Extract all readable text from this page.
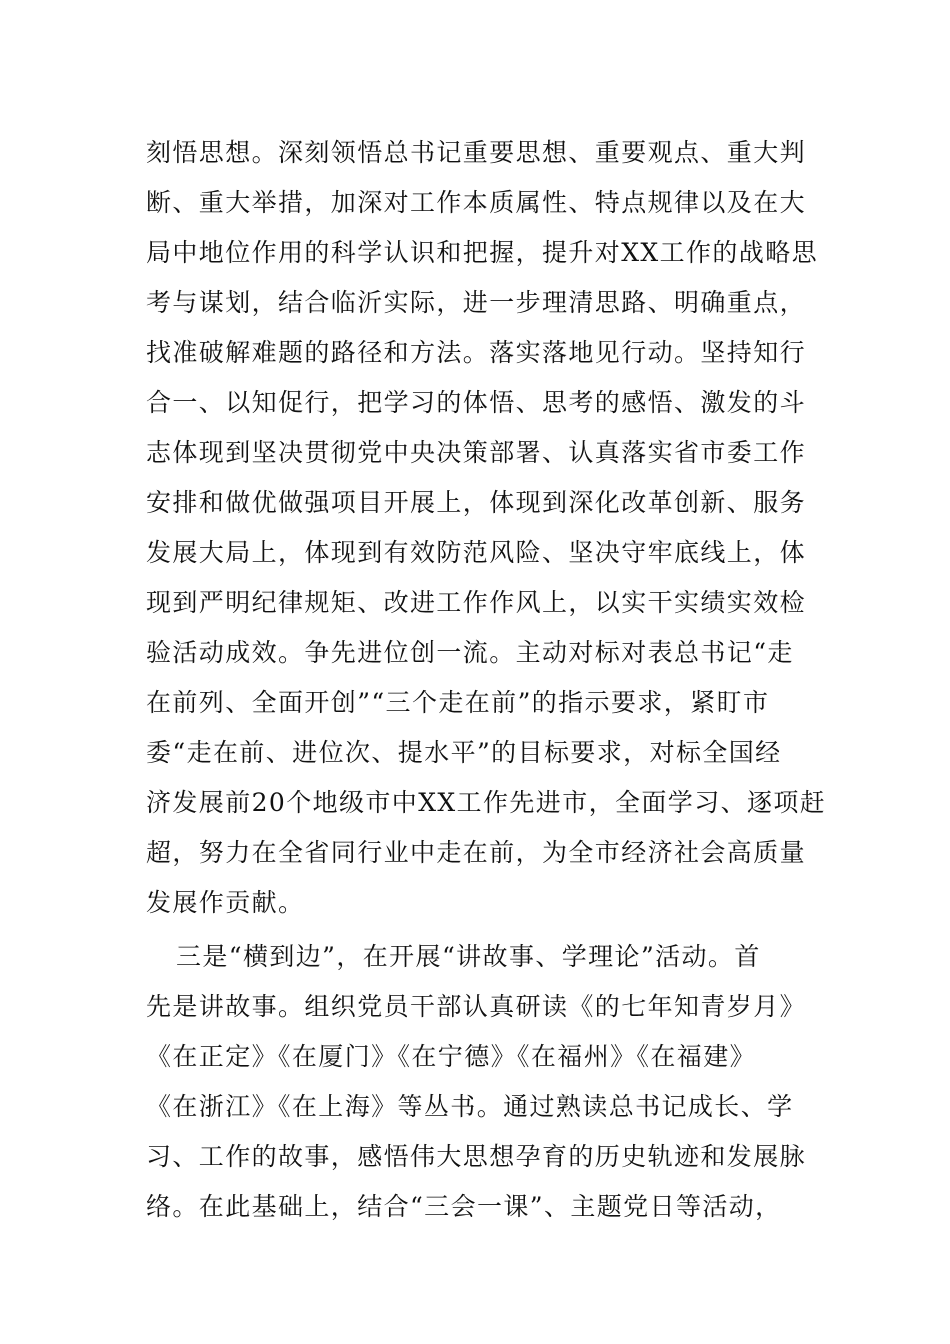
刻悟思想。深刻领悟总书记重要思想、重要观点、重大判
断、重大举措，加深对工作本质属性、特点规律以及在大
局中地位作用的科学认识和把握，提升对XX工作的战略思
考与谋划，结合临沂实际，进一步理清思路、明确重点，
找准破解难题的路径和方法。落实落地见行动。坚持知行
合一、以知促行，把学习的体悟、思考的感悟、激发的斗
志体现到坚决贯彻党中央决策部署、认真落实省市委工作
安排和做优做强项目开展上，体现到深化改革创新、服务
发展大局上，体现到有效防范风险、坚决守牢底线上，体
现到严明纪律规矩、改进工作作风上，以实干实绩实效检
验活动成效。争先进位创一流。主动对标对表总书记“走
在前列、全面开创”“三个走在前”的指示要求，紧盯市
委“走在前、进位次、提水平”的目标要求，对标全国经
济发展前20个地级市中XX工作先进市，全面学习、逐项赶
超，努力在全省同行业中走在前，为全市经济社会高质量
发展作贡献。
三是“横到边”，在开展“讲故事、学理论”活动。首
先是讲故事。组织党员干部认真研读《的七年知青岁月》
《在正定》《在厦门》《在宁德》《在福州》《在福建》
《在浙江》《在上海》等丛书。通过熟读总书记成长、学
习、工作的故事，感悟伟大思想孕育的历史轨迹和发展脉
络。在此基础上，结合“三会一课”、主题党日等活动，
